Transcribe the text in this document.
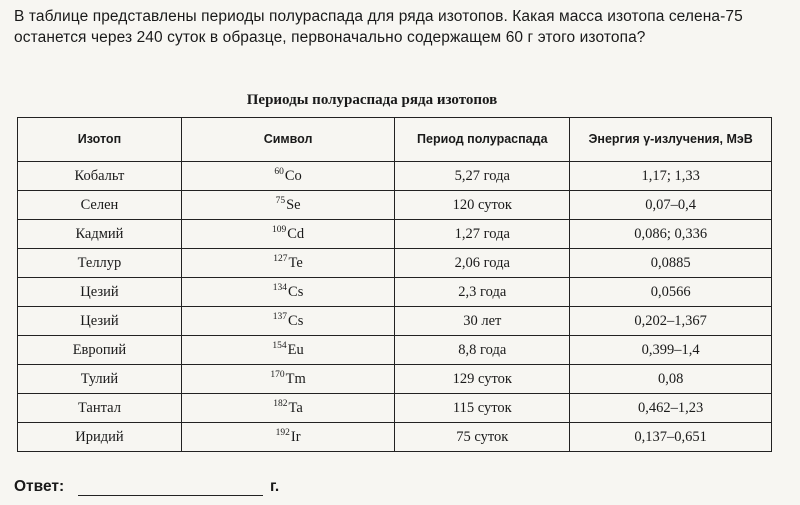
В таблице представлены периоды полураспада для ряда изотопов. Какая масса изотопа селена-75 останется через 240 суток в образце, первоначально содержащем 60 г этого изотопа?
Периоды полураспада ряда изотопов
Изотоп	Символ	Период полураспада	Энергия γ-излучения, МэВ
Кобальт	$^{60}$Co	5,27 года	1,17; 1,33
Селен	$^{75}$Se	120 суток	0,07–0,4
Кадмий	$^{109}$Cd	1,27 года	0,086; 0,336
Теллур	$^{127}$Te	2,06 года	0,0885
Цезий	$^{134}$Cs	2,3 года	0,0566
Цезий	$^{137}$Cs	30 лет	0,202–1,367
Европий	$^{154}$Eu	8,8 года	0,399–1,4
Тулий	$^{170}$Tm	129 суток	0,08
Тантал	$^{182}$Ta	115 суток	0,462–1,23
Иридий	$^{192}$Ir	75 суток	0,137–0,651
Ответ:	г.
